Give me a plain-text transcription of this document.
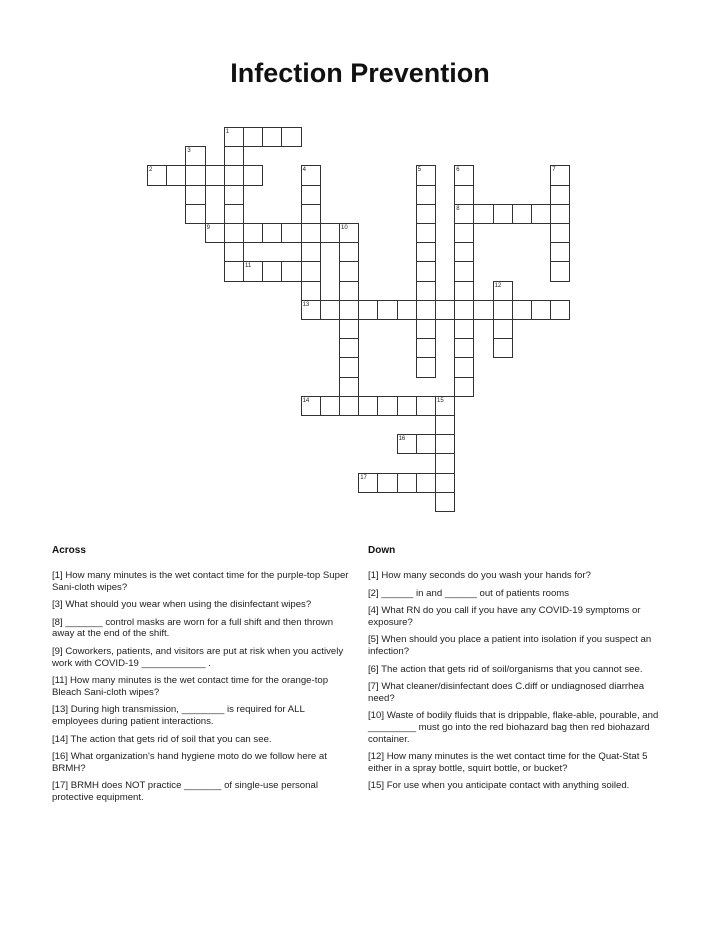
Infection Prevention
1
2
3
4	5	6
8
7
9	10
11
12
13
14	15
16
17
Across
[1] How many minutes is the wet contact time for the purple-top Super Sani-cloth wipes?
[3] What should you wear when using the disinfectant wipes?
[8] _______ control masks are worn for a full shift and then thrown away at the end of the shift.
[9] Coworkers, patients, and visitors are put at risk when you actively work with COVID-19 ____________ .
[11] How many minutes is the wet contact time for the orange-top Bleach Sani-cloth wipes?
[13] During high transmission, ________ is required for ALL employees during patient interactions.
[14] The action that gets rid of soil that you can see.
[16] What organization's hand hygiene moto do we follow here at BRMH?
[17] BRMH does NOT practice _______ of single-use personal protective equipment.
Down
[1] How many seconds do you wash your hands for?
[2] ______ in and ______ out of patients rooms
[4] What RN do you call if you have any COVID-19 symptoms or exposure?
[5] When should you place a patient into isolation if you suspect an infection?
[6] The action that gets rid of soil/organisms that you cannot see.
[7] What cleaner/disinfectant does C.diff or undiagnosed diarrhea need?
[10] Waste of bodily fluids that is drippable, flake-able, pourable, and _________ must go into the red biohazard bag then red biohazard container.
[12] How many minutes is the wet contact time for the Quat-Stat 5 either in a spray bottle, squirt bottle, or bucket?
[15] For use when you anticipate contact with anything soiled.
